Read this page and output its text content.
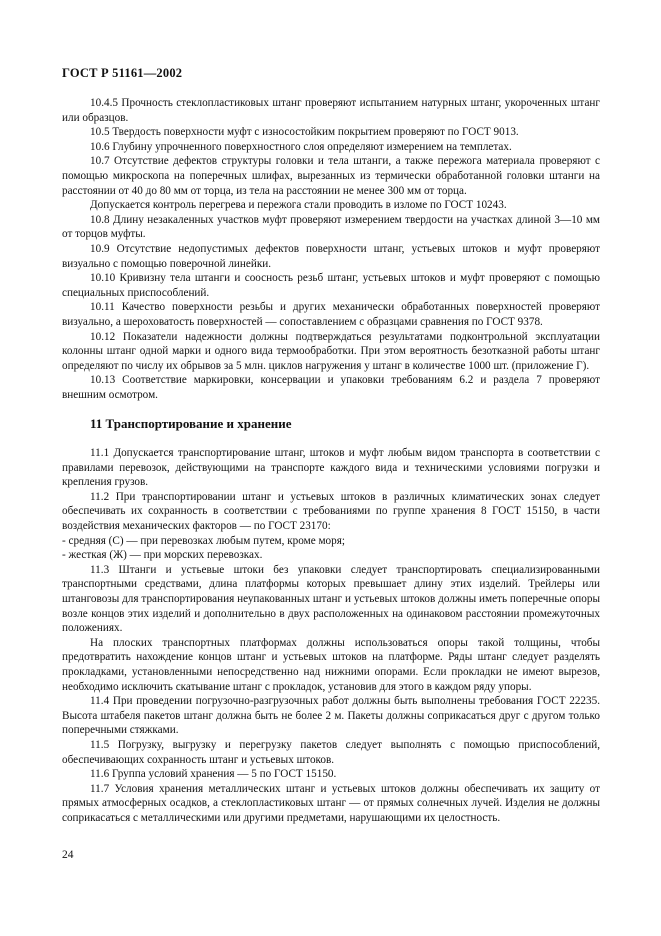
ГОСТ Р 51161—2002

10.4.5 Прочность стеклопластиковых штанг проверяют испытанием натурных штанг, укороченных штанг или образцов.

10.5 Твердость поверхности муфт с износостойким покрытием проверяют по ГОСТ 9013.

10.6 Глубину упрочненного поверхностного слоя определяют измерением на темплетах.

10.7 Отсутствие дефектов структуры головки и тела штанги, а также пережога материала проверяют с помощью микроскопа на поперечных шлифах, вырезанных из термически обработанной головки штанги на расстоянии от 40 до 80 мм от торца, из тела на расстоянии не менее 300 мм от торца.

Допускается контроль перегрева и пережога стали проводить в изломе по ГОСТ 10243.

10.8 Длину незакаленных участков муфт проверяют измерением твердости на участках длиной 3—10 мм от торцов муфты.

10.9 Отсутствие недопустимых дефектов поверхности штанг, устьевых штоков и муфт проверяют визуально с помощью поверочной линейки.

10.10 Кривизну тела штанги и соосность резьб штанг, устьевых штоков и муфт проверяют с помощью специальных приспособлений.

10.11 Качество поверхности резьбы и других механически обработанных поверхностей проверяют визуально, а шероховатость поверхностей — сопоставлением с образцами сравнения по ГОСТ 9378.

10.12 Показатели надежности должны подтверждаться результатами подконтрольной эксплуатации колонны штанг одной марки и одного вида термообработки. При этом вероятность безотказной работы штанг определяют по числу их обрывов за 5 млн. циклов нагружения у штанг в количестве 1000 шт. (приложение Г).

10.13 Соответствие маркировки, консервации и упаковки требованиям 6.2 и раздела 7 проверяют внешним осмотром.

11 Транспортирование и хранение

11.1 Допускается транспортирование штанг, штоков и муфт любым видом транспорта в соответствии с правилами перевозок, действующими на транспорте каждого вида и техническими условиями погрузки и крепления грузов.

11.2 При транспортировании штанг и устьевых штоков в различных климатических зонах следует обеспечивать их сохранность в соответствии с требованиями по группе хранения 8 ГОСТ 15150, в части воздействия механических факторов — по ГОСТ 23170:

- средняя (С) — при перевозках любым путем, кроме моря;

- жесткая (Ж) — при морских перевозках.

11.3 Штанги и устьевые штоки без упаковки следует транспортировать специализированными транспортными средствами, длина платформы которых превышает длину этих изделий. Трейлеры или штанговозы для транспортирования неупакованных штанг и устьевых штоков должны иметь поперечные опоры возле концов этих изделий и дополнительно в двух расположенных на одинаковом расстоянии промежуточных положениях.

На плоских транспортных платформах должны использоваться опоры такой толщины, чтобы предотвратить нахождение концов штанг и устьевых штоков на платформе. Ряды штанг следует разделять прокладками, установленными непосредственно над нижними опорами. Если прокладки не имеют вырезов, необходимо исключить скатывание штанг с прокладок, установив для этого в каждом ряду упоры.

11.4 При проведении погрузочно-разгрузочных работ должны быть выполнены требования ГОСТ 22235. Высота штабеля пакетов штанг должна быть не более 2 м. Пакеты должны соприкасаться друг с другом только поперечными стяжками.

11.5 Погрузку, выгрузку и перегрузку пакетов следует выполнять с помощью приспособлений, обеспечивающих сохранность штанг и устьевых штоков.

11.6 Группа условий хранения — 5 по ГОСТ 15150.

11.7 Условия хранения металлических штанг и устьевых штоков должны обеспечивать их защиту от прямых атмосферных осадков, а стеклопластиковых штанг — от прямых солнечных лучей. Изделия не должны соприкасаться с металлическими или другими предметами, нарушающими их целостность.

24
